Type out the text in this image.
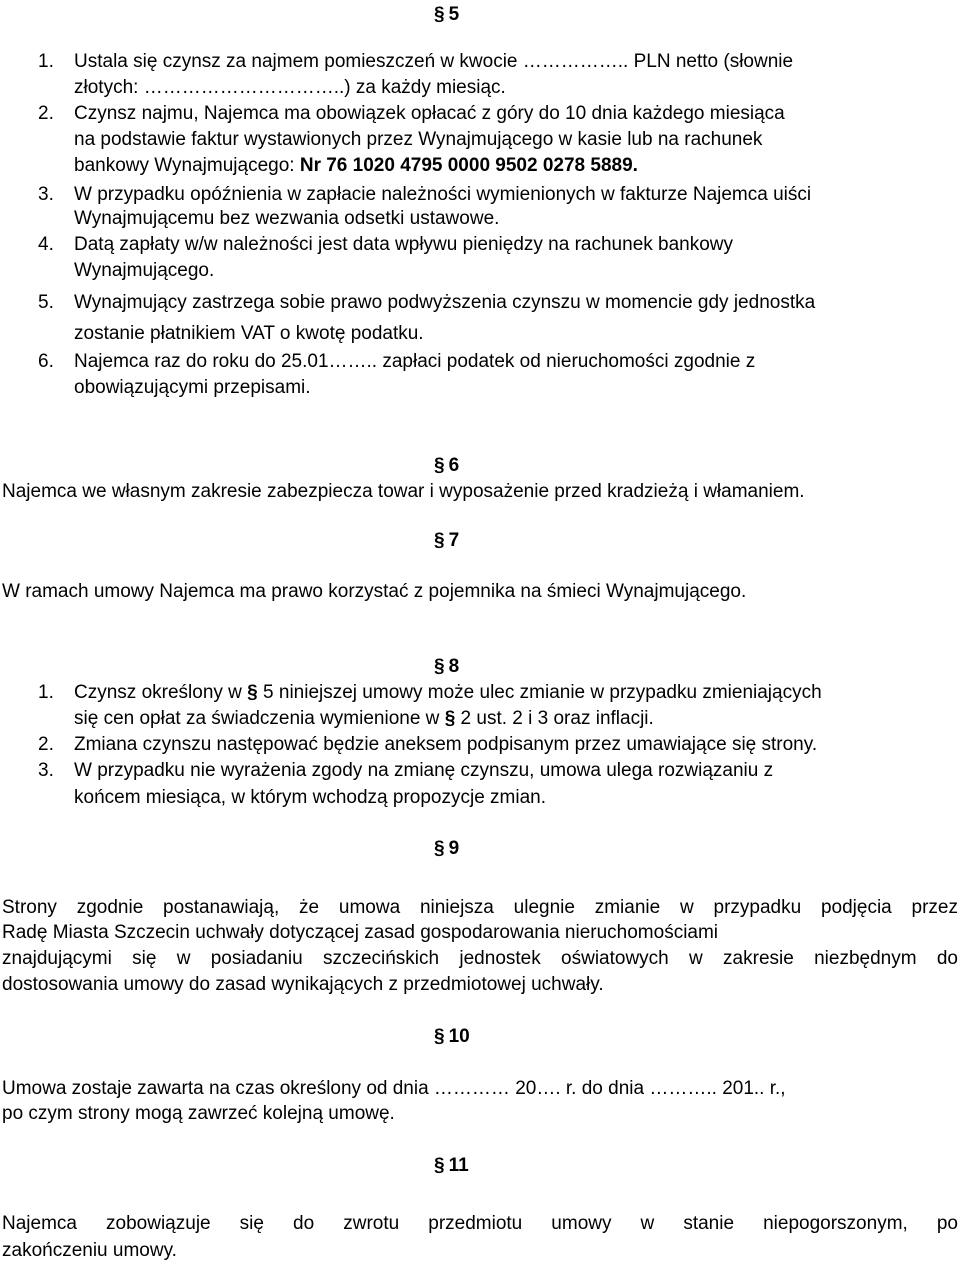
§ 5
1. Ustala się czynsz za najmem pomieszczeń w kwocie …………….. PLN netto (słownie
złotych: …………………………..) za każdy miesiąc.
2. Czynsz najmu, Najemca ma obowiązek opłacać z góry do 10 dnia każdego miesiąca
na podstawie faktur wystawionych przez Wynajmującego w kasie lub na rachunek
bankowy Wynajmującego: Nr 76 1020 4795 0000 9502 0278 5889.
3. W przypadku opóźnienia w zapłacie należności wymienionych w fakturze Najemca uiści
Wynajmującemu bez wezwania odsetki ustawowe.
4. Datą zapłaty w/w należności jest data wpływu pieniędzy na rachunek bankowy
Wynajmującego.
5. Wynajmujący zastrzega sobie prawo podwyższenia czynszu w momencie gdy jednostka
zostanie płatnikiem VAT o kwotę podatku.
6. Najemca raz do roku do 25.01…….. zapłaci podatek od nieruchomości zgodnie z
obowiązującymi przepisami.
§ 6
Najemca we własnym zakresie zabezpiecza towar i wyposażenie przed kradzieżą i włamaniem.
§ 7
W ramach umowy Najemca ma prawo korzystać z pojemnika na śmieci Wynajmującego.
§ 8
1. Czynsz określony w § 5 niniejszej umowy może ulec zmianie w przypadku zmieniających
się cen opłat za świadczenia wymienione w § 2 ust. 2 i 3 oraz inflacji.
2. Zmiana czynszu następować będzie aneksem podpisanym przez umawiające się strony.
3. W przypadku nie wyrażenia zgody na zmianę czynszu, umowa ulega rozwiązaniu z
końcem miesiąca, w którym wchodzą propozycje zmian.
§ 9
Strony zgodnie postanawiają, że umowa niniejsza ulegnie zmianie w przypadku podjęcia przez
Radę Miasta Szczecin uchwały dotyczącej zasad gospodarowania nieruchomościami
znajdującymi się w posiadaniu szczecińskich jednostek oświatowych w zakresie niezbędnym do
dostosowania umowy do zasad wynikających z przedmiotowej uchwały.
§ 10
Umowa zostaje zawarta na czas określony od dnia ………… 20…. r. do dnia ……….. 201.. r.,
po czym strony mogą zawrzeć kolejną umowę.
§ 11
Najemca zobowiązuje się do zwrotu przedmiotu umowy w stanie niepogorszonym, po
zakończeniu umowy.
